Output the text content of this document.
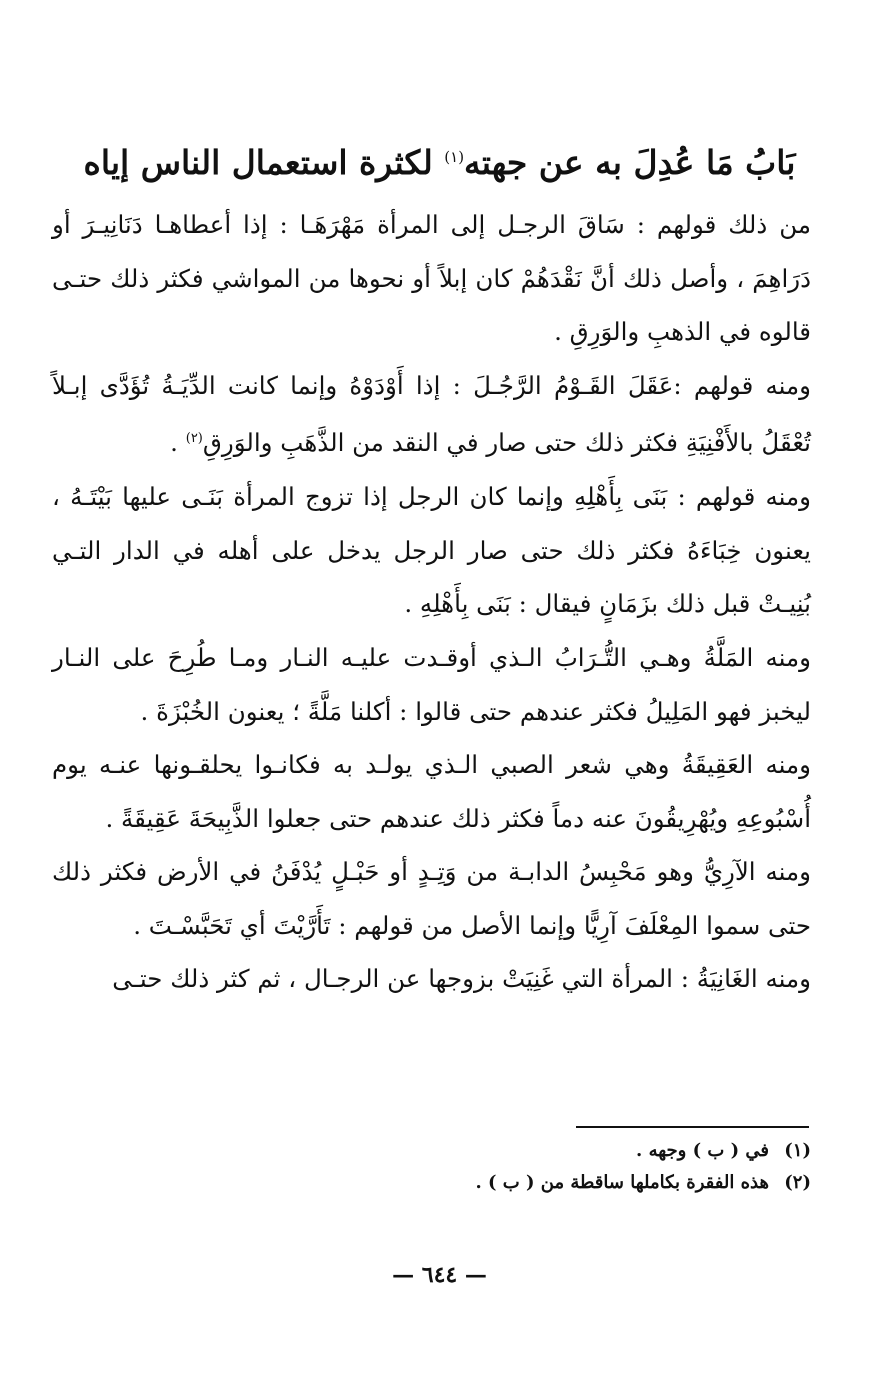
بَابُ مَا عُدِلَ به عن جهته$^{(١)}$ لكثرة استعمال الناس إياه

من ذلك قولهم : سَاقَ الرجـل إلى المرأة مَهْرَهَـا : إذا أعطاهـا دَنَانِيـرَ أو دَرَاهِمَ ، وأصل ذلك أنَّ نَقْدَهُمْ كان إبلاً أو نحوها من المواشي فكثر ذلك حتـى قالوه في الذهبِ والوَرِقِ .

ومنه قولهم :عَقَلَ القَـوْمُ الرَّجُـلَ : إذا أَوْدَوْهُ وإنما كانت الدِّيَـةُ تُؤَدَّى إبـلاً تُعْقَلُ بالأَفْنِيَةِ فكثر ذلك حتى صار في النقد من الذَّهَبِ والوَرِقِ$^{(٢)}$ .

ومنه قولهم : بَنَى بِأَهْلِهِ وإنما كان الرجل إذا تزوج المرأة بَنَـى عليها بَيْتَـهُ ، يعنون خِبَاءَهُ فكثر ذلك حتى صار الرجل يدخل على أهله في الدار التـي بُنِيـتْ قبل ذلك بزَمَانٍ فيقال : بَنَى بِأَهْلِهِ .

ومنه المَلَّةُ وهـي التُّـرَابُ الـذي أوقـدت عليـه النـار ومـا طُرِحَ على النـار ليخبز فهو المَلِيلُ فكثر عندهم حتى قالوا : أكلنا مَلَّةً ؛ يعنون الخُبْزَةَ .

ومنه العَقِيقَةُ وهي شعر الصبي الـذي يولـد به فكانـوا يحلقـونها عنـه يوم أُسْبُوعِهِ ويُهْرِيقُونَ عنه دماً فكثر ذلك عندهم حتى جعلوا الذَّبِيحَةَ عَقِيقَةً .

ومنه الآرِيُّ وهو مَحْبِسُ الدابـة من وَتِـدٍ أو حَبْـلٍ يُدْفَنُ في الأرض فكثر ذلك حتى سموا المِعْلَفَ آرِيًّا وإنما الأصل من قولهم : تَأَرَّيْتَ أي تَحَبَّسْـتَ .

ومنه الغَانِيَةُ : المرأة التي غَنِيَتْ بزوجها عن الرجـال ، ثم كثر ذلك حتـى

(١)
في ( ب ) وجهه .
(٢)
هذه الفقرة بكاملها ساقطة من ( ب ) .
— ٦٤٤ —
